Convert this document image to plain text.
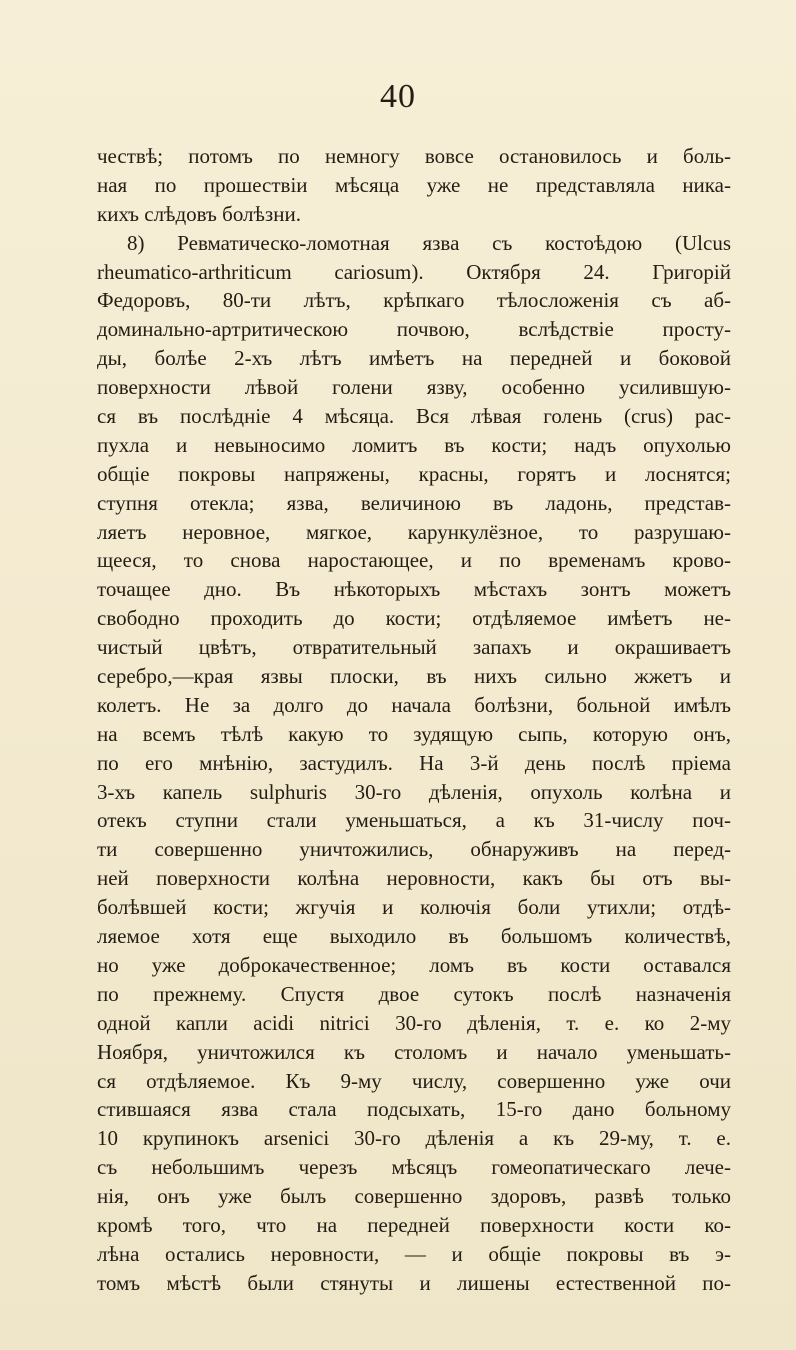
40
чествѣ; потомъ по немногу вовсе остановилось и боль-
ная по прошествіи мѣсяца уже не представляла ника-
кихъ слѣдовъ болѣзни.
8) Ревматическо-ломотная язва съ костоѣдою (Ulcus
rheumatico-arthriticum cariosum). Октября 24. Григорій
Федоровъ, 80-ти лѣтъ, крѣпкаго тѣлосложенія съ аб-
доминально-артритическою почвою, вслѣдствіе просту-
ды, болѣе 2-хъ лѣтъ имѣетъ на передней и боковой
поверхности лѣвой голени язву, особенно усилившую-
ся въ послѣдніе 4 мѣсяца. Вся лѣвая голень (crus) рас-
пухла и невыносимо ломитъ въ кости; надъ опухолью
общіе покровы напряжены, красны, горятъ и лоснятся;
ступня отекла; язва, величиною въ ладонь, представ-
ляетъ неровное, мягкое, карункулёзное, то разрушаю-
щееся, то снова наростающее, и по временамъ крово-
точащее дно. Въ нѣкоторыхъ мѣстахъ зонтъ можетъ
свободно проходить до кости; отдѣляемое имѣетъ не-
чистый цвѣтъ, отвратительный запахъ и окрашиваетъ
серебро,—края язвы плоски, въ нихъ сильно жжетъ и
колетъ. Не за долго до начала болѣзни, больной имѣлъ
на всемъ тѣлѣ какую то зудящую сыпь, которую онъ,
по его мнѣнію, застудилъ. На 3-й день послѣ пріема
3-хъ капель sulphuris 30-го дѣленія, опухоль колѣна и
отекъ ступни стали уменьшаться, а къ 31-числу поч-
ти совершенно уничтожились, обнаруживъ на перед-
ней поверхности колѣна неровности, какъ бы отъ вы-
болѣвшей кости; жгучія и колючія боли утихли; отдѣ-
ляемое хотя еще выходило въ большомъ количествѣ,
но уже доброкачественное; ломъ въ кости оставался
по прежнему. Спустя двое сутокъ послѣ назначенія
одной капли acidi nitrici 30-го дѣленія, т. е. ко 2-му
Ноября, уничтожился къ столомъ и начало уменьшать-
ся отдѣляемое. Къ 9-му числу, совершенно уже очи
стившаяся язва стала подсыхать, 15-го дано больному
10 крупинокъ arsenici 30-го дѣленія а къ 29-му, т. е.
съ небольшимъ черезъ мѣсяцъ гомеопатическаго лече-
нія, онъ уже былъ совершенно здоровъ, развѣ только
кромѣ того, что на передней поверхности кости ко-
лѣна остались неровности, — и общіе покровы въ э-
томъ мѣстѣ были стянуты и лишены естественной по-
